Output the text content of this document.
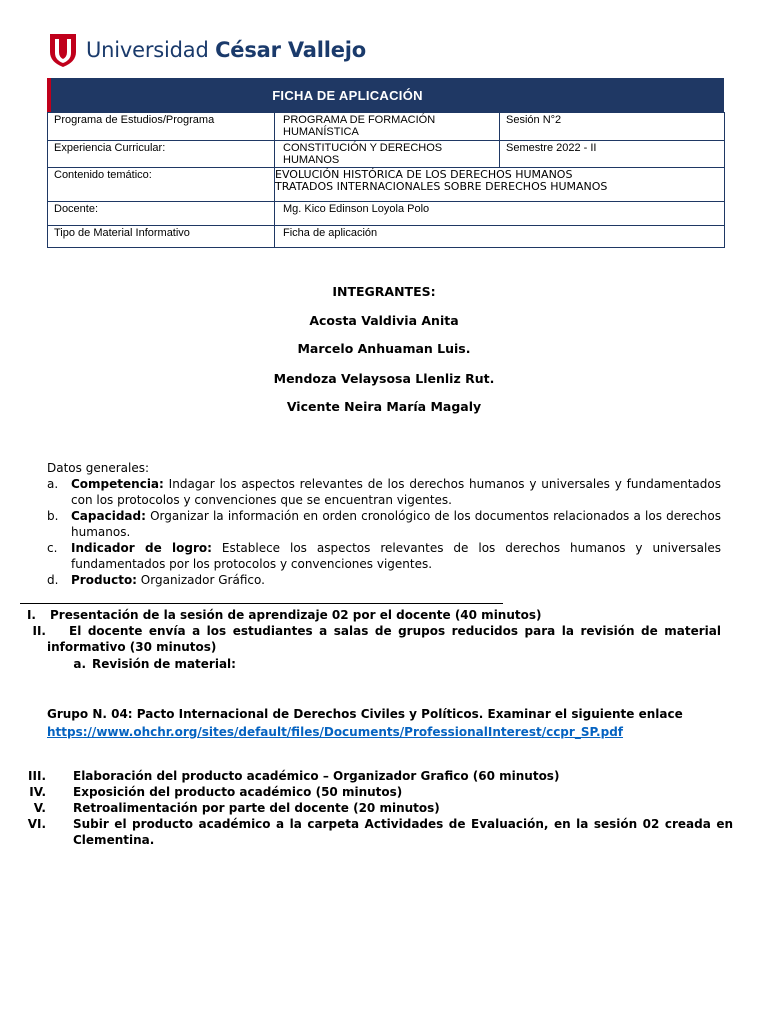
Universidad César Vallejo
FICHA DE APLICACIÓN
Programa de Estudios/Programa	PROGRAMA DE FORMACIÓN HUMANÍSTICA	Sesión N°2
Experiencia Curricular:	CONSTITUCIÓN Y DERECHOS HUMANOS	Semestre 2022 - II
Contenido temático:	EVOLUCIÓN HISTÓRICA DE LOS DERECHOS HUMANOS
TRATADOS INTERNACIONALES SOBRE DERECHOS HUMANOS	

Docente:	Mg. Kico Edinson Loyola Polo	
Tipo de Material Informativo	Ficha de aplicación	
INTEGRANTES:
Acosta Valdivia Anita
Marcelo Anhuaman Luis.
Mendoza Velaysosa Llenliz Rut.
Vicente Neira María Magaly
Datos generales:
a.	Competencia: Indagar los aspectos relevantes de los derechos humanos y universales y fundamentados con los protocolos y convenciones que se encuentran vigentes.
b.	Capacidad: Organizar la información en orden cronológico de los documentos relacionados a los derechos humanos.
c.	Indicador de logro: Establece los aspectos relevantes de los derechos humanos y universales fundamentados por los protocolos y convenciones vigentes.
d.	Producto: Organizador Gráfico.
I. Presentación de la sesión de aprendizaje 02 por el docente (40 minutos)
II.	El docente envía a los estudiantes a salas de grupos reducidos para la revisión de material informativo (30 minutos)
a. Revisión de material:
Grupo N. 04: Pacto Internacional de Derechos Civiles y Políticos. Examinar el siguiente enlace
https://www.ohchr.org/sites/default/files/Documents/ProfessionalInterest/ccpr_SP.pdf
III. Elaboración del producto académico – Organizador Grafico (60 minutos)
IV. Exposición del producto académico (50 minutos)
V. Retroalimentación por parte del docente (20 minutos)
VI. Subir el producto académico a la carpeta Actividades de Evaluación, en la sesión 02 creada en Clementina.
